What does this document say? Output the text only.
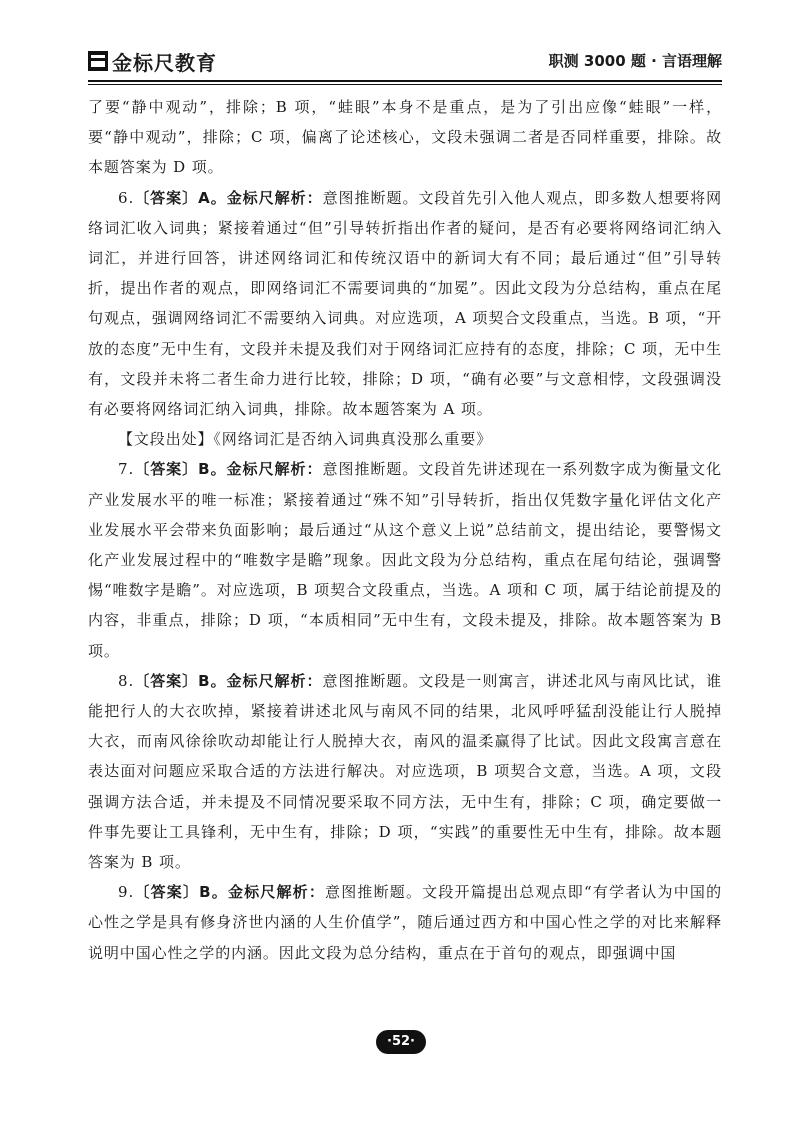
金标尺教育	职测 3000 题 · 言语理解

了要“静中观动”，排除；B 项，“蛙眼”本身不是重点，是为了引出应像“蛙眼”一样，要“静中观动”，排除；C 项，偏离了论述核心，文段未强调二者是否同样重要，排除。故本题答案为 D 项。

6.〔答案〕A。金标尺解析：意图推断题。文段首先引入他人观点，即多数人想要将网络词汇收入词典；紧接着通过“但”引导转折指出作者的疑问，是否有必要将网络词汇纳入词汇，并进行回答，讲述网络词汇和传统汉语中的新词大有不同；最后通过“但”引导转折，提出作者的观点，即网络词汇不需要词典的“加冕”。因此文段为分总结构，重点在尾句观点，强调网络词汇不需要纳入词典。对应选项，A 项契合文段重点，当选。B 项，“开放的态度”无中生有，文段并未提及我们对于网络词汇应持有的态度，排除；C 项，无中生有，文段并未将二者生命力进行比较，排除；D 项，“确有必要”与文意相悖，文段强调没有必要将网络词汇纳入词典，排除。故本题答案为 A 项。

【文段出处】《网络词汇是否纳入词典真没那么重要》

7.〔答案〕B。金标尺解析：意图推断题。文段首先讲述现在一系列数字成为衡量文化产业发展水平的唯一标准；紧接着通过“殊不知”引导转折，指出仅凭数字量化评估文化产业发展水平会带来负面影响；最后通过“从这个意义上说”总结前文，提出结论，要警惕文化产业发展过程中的“唯数字是瞻”现象。因此文段为分总结构，重点在尾句结论，强调警惕“唯数字是瞻”。对应选项，B 项契合文段重点，当选。A 项和 C 项，属于结论前提及的内容，非重点，排除；D 项，“本质相同”无中生有，文段未提及，排除。故本题答案为 B 项。

8.〔答案〕B。金标尺解析：意图推断题。文段是一则寓言，讲述北风与南风比试，谁能把行人的大衣吹掉，紧接着讲述北风与南风不同的结果，北风呼呼猛刮没能让行人脱掉大衣，而南风徐徐吹动却能让行人脱掉大衣，南风的温柔赢得了比试。因此文段寓言意在表达面对问题应采取合适的方法进行解决。对应选项，B 项契合文意，当选。A 项，文段强调方法合适，并未提及不同情况要采取不同方法，无中生有，排除；C 项，确定要做一件事先要让工具锋利，无中生有，排除；D 项，“实践”的重要性无中生有，排除。故本题答案为 B 项。

9.〔答案〕B。金标尺解析：意图推断题。文段开篇提出总观点即“有学者认为中国的心性之学是具有修身济世内涵的人生价值学”，随后通过西方和中国心性之学的对比来解释说明中国心性之学的内涵。因此文段为总分结构，重点在于首句的观点，即强调中国

·52·
